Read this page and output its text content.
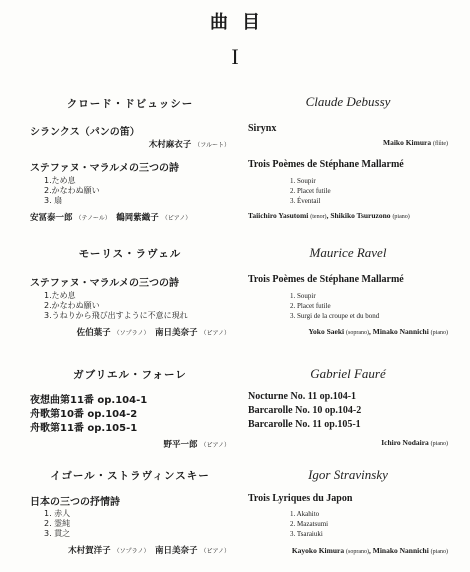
曲目
I
クロード・ドビュッシー
シランクス（パンの笛）
木村麻衣子 （フルート）
ステファヌ・マラルメの三つの詩
1.ため息
2.かなわぬ願い
3. 扇
安冨泰一郎 （テノール）　 鶴岡紫織子 （ピアノ）
Claude Debussy
Sirynx
Maiko Kimura (flûte)
Trois Poèmes de Stéphane Mallarmé
1. Soupir
2. Placet futile
3. Éventail
Taiichiro Yasutomi (tenor), Shikiko Tsuruzono (piano)
モーリス・ラヴェル
ステファヌ・マラルメの三つの詩
1.ため息
2.かなわぬ願い
3.うねりから飛び出すように不意に現れ
佐伯葉子 （ソプラノ）　 南日美奈子 （ピアノ）
Maurice Ravel
Trois Poèmes de Stéphane Mallarmé
1. Soupir
2. Placet futile
3. Surgi de la croupe et du bond
Yoko Saeki (soprano), Minako Nannichi (piano)
ガブリエル・フォーレ
夜想曲第11番 op.104-1
舟歌第10番 op.104-2
舟歌第11番 op.105-1
野平一郎 （ピアノ）
Gabriel Fauré
Nocturne No. 11 op.104-1
Barcarolle No. 10 op.104-2
Barcarolle No. 11 op.105-1
Ichiro Nodaira (piano)
イゴール・ストラヴィンスキー
日本の三つの抒情詩
1. 赤人
2. 霊純
3. 貫之
木村賀洋子 （ソプラノ）　 南日美奈子 （ピアノ）
Igor Stravinsky
Trois Lyriques du Japon
1. Akahito
2. Mazatsumi
3. Tsaraiuki
Kayoko Kimura (soprano), Minako Nannichi (piano)
